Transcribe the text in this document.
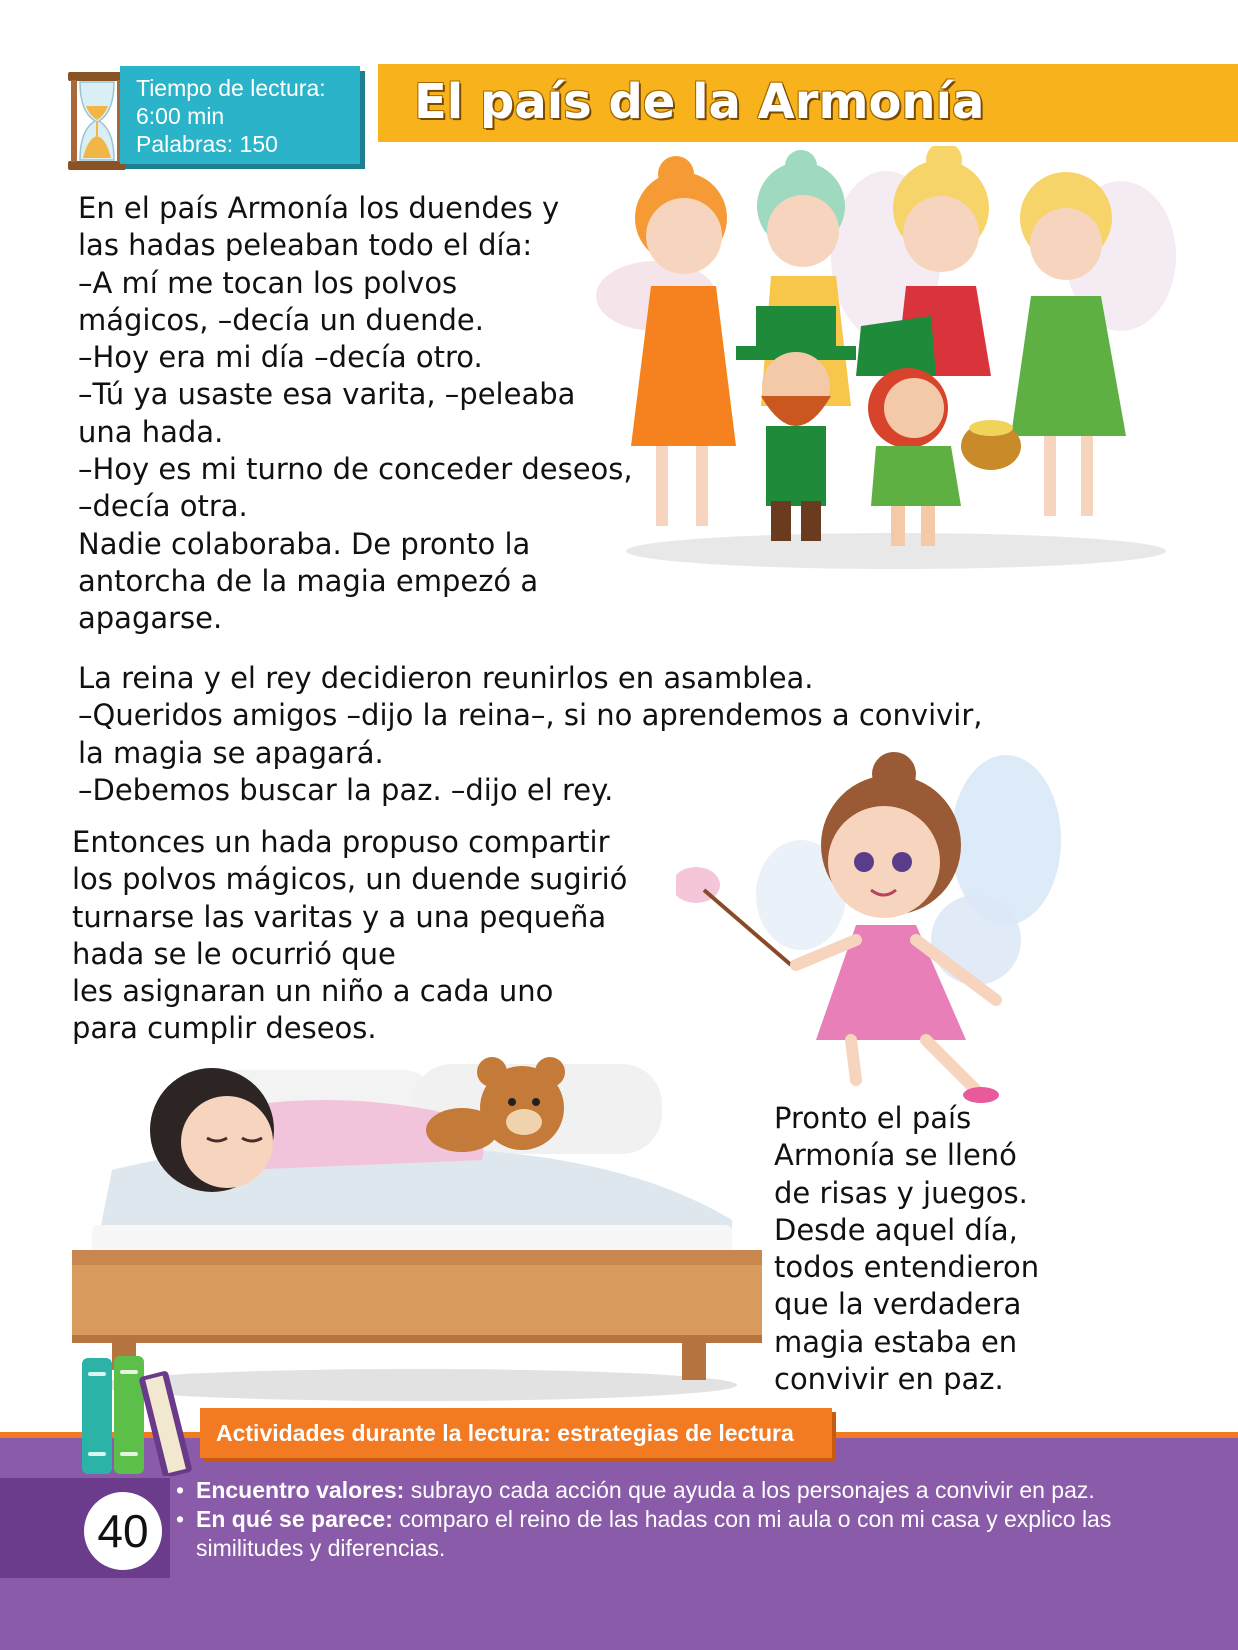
Tiempo de lectura:
6:00 min
Palabras: 150
El país de la Armonía
En el país Armonía los duendes y
las hadas peleaban todo el día:
–A mí me tocan los polvos
mágicos, –decía un duende.
–Hoy era mi día –decía otro.
–Tú ya usaste esa varita, –peleaba
una hada.
–Hoy es mi turno de conceder deseos,
–decía otra.
Nadie colaboraba. De pronto la
antorcha de la magia empezó a
apagarse.
La reina y el rey decidieron reunirlos en asamblea.
–Queridos amigos –dijo la reina–, si no aprendemos a convivir,
la magia se apagará.
–Debemos buscar la paz. –dijo el rey.
Entonces un hada propuso compartir
los polvos mágicos, un duende sugirió
turnarse las varitas y a una pequeña
hada se le ocurrió que
les asignaran un niño a cada uno
para cumplir deseos.
Pronto el país
Armonía se llenó
de risas y juegos.
Desde aquel día,
todos entendieron
que la verdadera
magia estaba en
convivir en paz.
Actividades durante la lectura: estrategias de lectura
40
• Encuentro valores: subrayo cada acción que ayuda a los personajes a convivir en paz.
• En qué se parece: comparo el reino de las hadas con mi aula o con mi casa y explico las similitudes y diferencias.
